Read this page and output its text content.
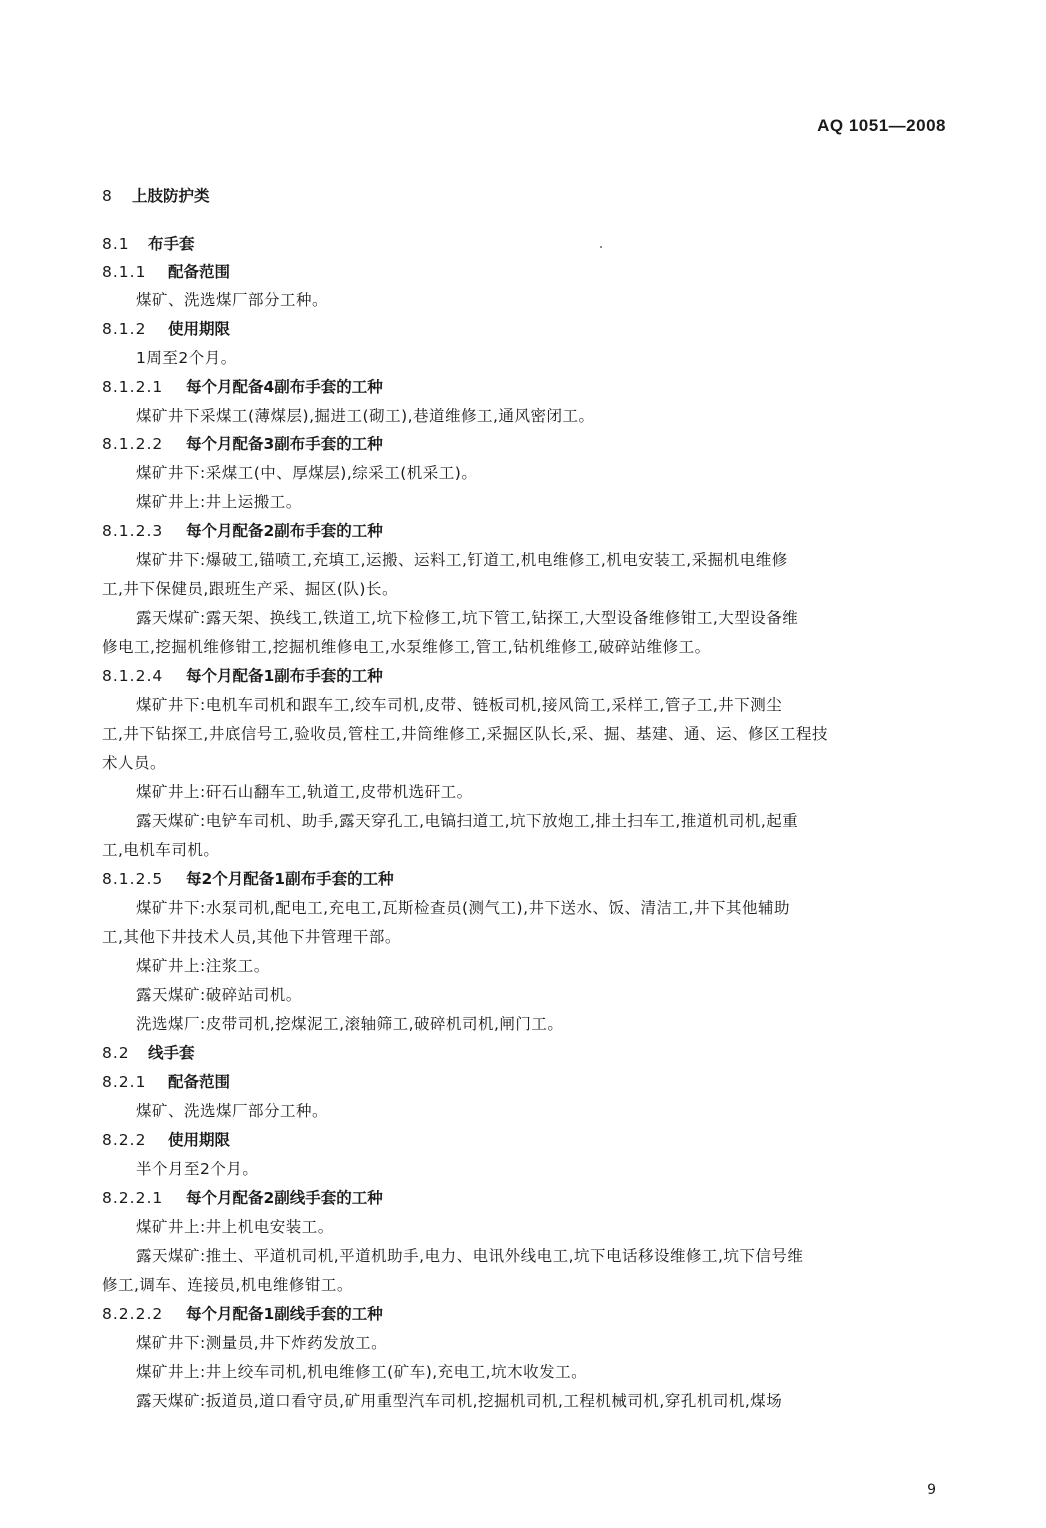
AQ 1051—2008
8 上肢防护类
8.1 布手套
8.1.1 配备范围
煤矿、洗选煤厂部分工种。
8.1.2 使用期限
1周至2个月。
8.1.2.1 每个月配备4副布手套的工种
煤矿井下采煤工(薄煤层),掘进工(砌工),巷道维修工,通风密闭工。
8.1.2.2 每个月配备3副布手套的工种
煤矿井下:采煤工(中、厚煤层),综采工(机采工)。
煤矿井上:井上运搬工。
8.1.2.3 每个月配备2副布手套的工种
煤矿井下:爆破工,锚喷工,充填工,运搬、运料工,钉道工,机电维修工,机电安装工,采掘机电维修
工,井下保健员,跟班生产采、掘区(队)长。
露天煤矿:露天架、换线工,铁道工,坑下检修工,坑下管工,钻探工,大型设备维修钳工,大型设备维
修电工,挖掘机维修钳工,挖掘机维修电工,水泵维修工,管工,钻机维修工,破碎站维修工。
8.1.2.4 每个月配备1副布手套的工种
煤矿井下:电机车司机和跟车工,绞车司机,皮带、链板司机,接风筒工,采样工,管子工,井下测尘
工,井下钻探工,井底信号工,验收员,管柱工,井筒维修工,采掘区队长,采、掘、基建、通、运、修区工程技
术人员。
煤矿井上:矸石山翻车工,轨道工,皮带机选矸工。
露天煤矿:电铲车司机、助手,露天穿孔工,电镐扫道工,坑下放炮工,排土扫车工,推道机司机,起重
工,电机车司机。
8.1.2.5 每2个月配备1副布手套的工种
煤矿井下:水泵司机,配电工,充电工,瓦斯检查员(测气工),井下送水、饭、清洁工,井下其他辅助
工,其他下井技术人员,其他下井管理干部。
煤矿井上:注浆工。
露天煤矿:破碎站司机。
洗选煤厂:皮带司机,挖煤泥工,滚轴筛工,破碎机司机,闸门工。
8.2 线手套
8.2.1 配备范围
煤矿、洗选煤厂部分工种。
8.2.2 使用期限
半个月至2个月。
8.2.2.1 每个月配备2副线手套的工种
煤矿井上:井上机电安装工。
露天煤矿:推土、平道机司机,平道机助手,电力、电讯外线电工,坑下电话移设维修工,坑下信号维
修工,调车、连接员,机电维修钳工。
8.2.2.2 每个月配备1副线手套的工种
煤矿井下:测量员,井下炸药发放工。
煤矿井上:井上绞车司机,机电维修工(矿车),充电工,坑木收发工。
露天煤矿:扳道员,道口看守员,矿用重型汽车司机,挖掘机司机,工程机械司机,穿孔机司机,煤场
9
